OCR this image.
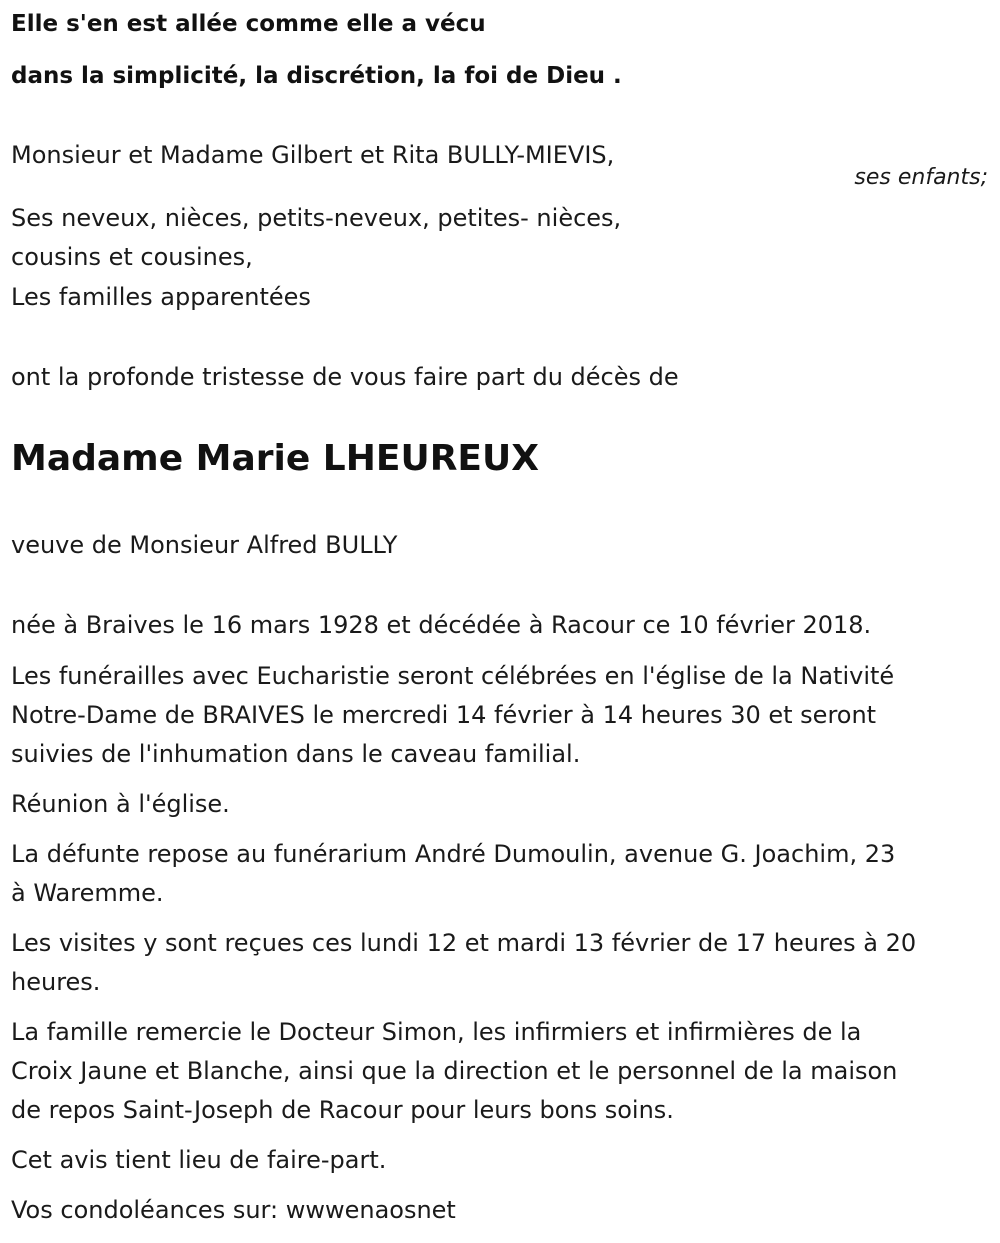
Elle s'en est allée comme elle a vécu

dans la simplicité, la discrétion, la foi de Dieu .

Monsieur et Madame Gilbert et Rita BULLY-MIEVIS,

ses enfants;

Ses neveux, nièces, petits-neveux, petites- nièces,

cousins et cousines,

Les familles apparentées

ont la profonde tristesse de vous faire part du décès de

Madame Marie LHEUREUX

veuve de Monsieur Alfred BULLY

née à Braives le 16 mars 1928 et décédée à Racour ce 10 février 2018.

Les funérailles avec Eucharistie seront célébrées en l'église de la Nativité

Notre-Dame de BRAIVES le mercredi 14 février à 14 heures 30 et seront

suivies de l'inhumation dans le caveau familial.

Réunion à l'église.

La défunte repose au funérarium André Dumoulin, avenue G. Joachim, 23

à Waremme.

Les visites y sont reçues ces lundi 12 et mardi 13 février de 17 heures à 20

heures.

La famille remercie le Docteur Simon, les infirmiers et infirmières de la

Croix Jaune et Blanche, ainsi que la direction et le personnel de la maison

de repos Saint-Joseph de Racour pour leurs bons soins.

Cet avis tient lieu de faire-part.

Vos condoléances sur: wwwenaosnet
